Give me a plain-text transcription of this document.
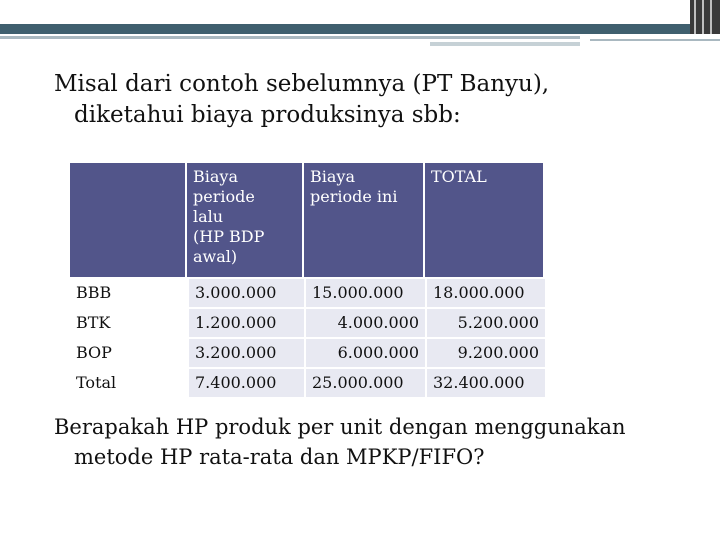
Misal dari contoh sebelumnya (PT Banyu),
diketahui biaya produksinya sbb:
	Biaya
periode
lalu
(HP BDP
awal)	Biaya
periode ini	TOTAL
BBB	3.000.000	15.000.000	18.000.000
BTK	1.200.000	4.000.000	5.200.000
BOP	3.200.000	6.000.000	9.200.000
Total	7.400.000	25.000.000	32.400.000
Berapakah HP produk per unit dengan menggunakan
metode HP rata-rata dan MPKP/FIFO?
